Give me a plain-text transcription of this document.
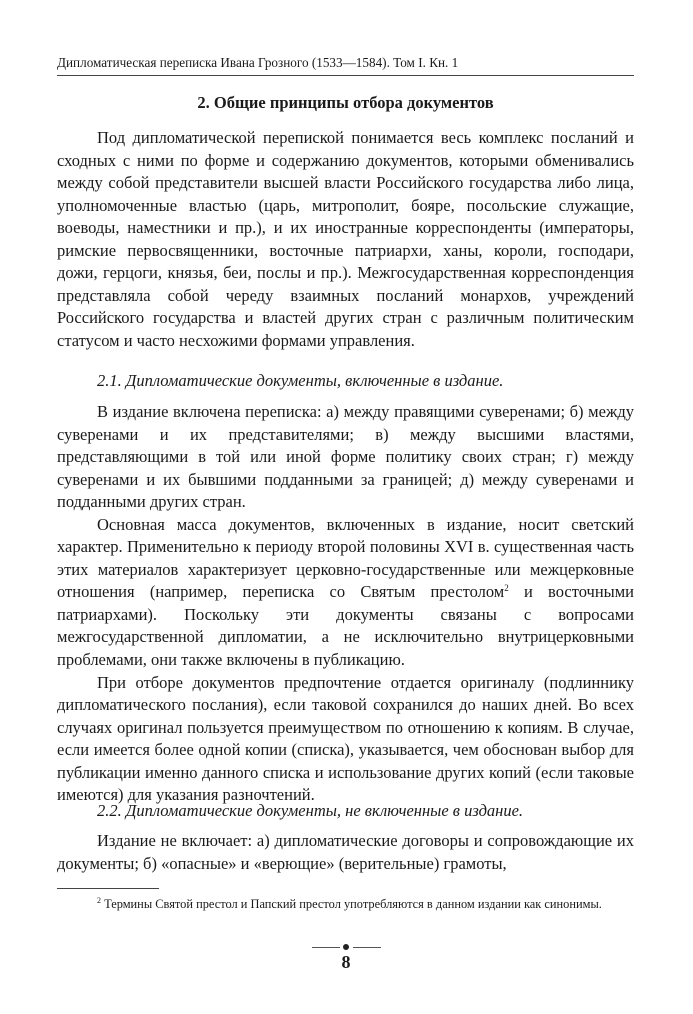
Дипломатическая переписка Ивана Грозного (1533—1584). Том I. Кн. 1
2. Общие принципы отбора документов

Под дипломатической перепиской понимается весь комплекс посланий и сходных с ними по форме и содержанию документов, которыми обменивались между собой представители высшей власти Российского государства либо лица, уполномоченные властью (царь, митрополит, бояре, посольские служащие, воеводы, наместники и пр.), и их иностранные корреспонденты (императоры, римские первосвященники, восточные патриархи, ханы, короли, господари, дожи, герцоги, князья, беи, послы и пр.). Межгосударственная корреспонденция представляла собой череду взаимных посланий монархов, учреждений Российского государства и властей других стран с различным политическим статусом и часто несхожими формами управления.

2.1. Дипломатические документы, включенные в издание.

В издание включена переписка: а) между правящими суверенами; б) между суверенами и их представителями; в) между высшими властями, представляющими в той или иной форме политику своих стран; г) между суверенами и их бывшими подданными за границей; д) между суверенами и подданными других стран.

Основная масса документов, включенных в издание, носит светский характер. Применительно к периоду второй половины XVI в. существенная часть этих материалов характеризует церковно-государственные или межцерковные отношения (например, переписка со Святым престолом$^2$ и восточными патриархами). Поскольку эти документы связаны с вопросами межгосударственной дипломатии, а не исключительно внутрицерковными проблемами, они также включены в публикацию.

При отборе документов предпочтение отдается оригиналу (подлиннику дипломатического послания), если таковой сохранился до наших дней. Во всех случаях оригинал пользуется преимуществом по отношению к копиям. В случае, если имеется более одной копии (списка), указывается, чем обоснован выбор для публикации именно данного списка и использование других копий (если таковые имеются) для указания разночтений.

2.2. Дипломатические документы, не включенные в издание.

Издание не включает: а) дипломатические договоры и сопровождающие их документы; б) «опасные» и «верющие» (верительные) грамоты,

$^2$ Термины Святой престол и Папский престол употребляются в данном издании как синонимы.

8
